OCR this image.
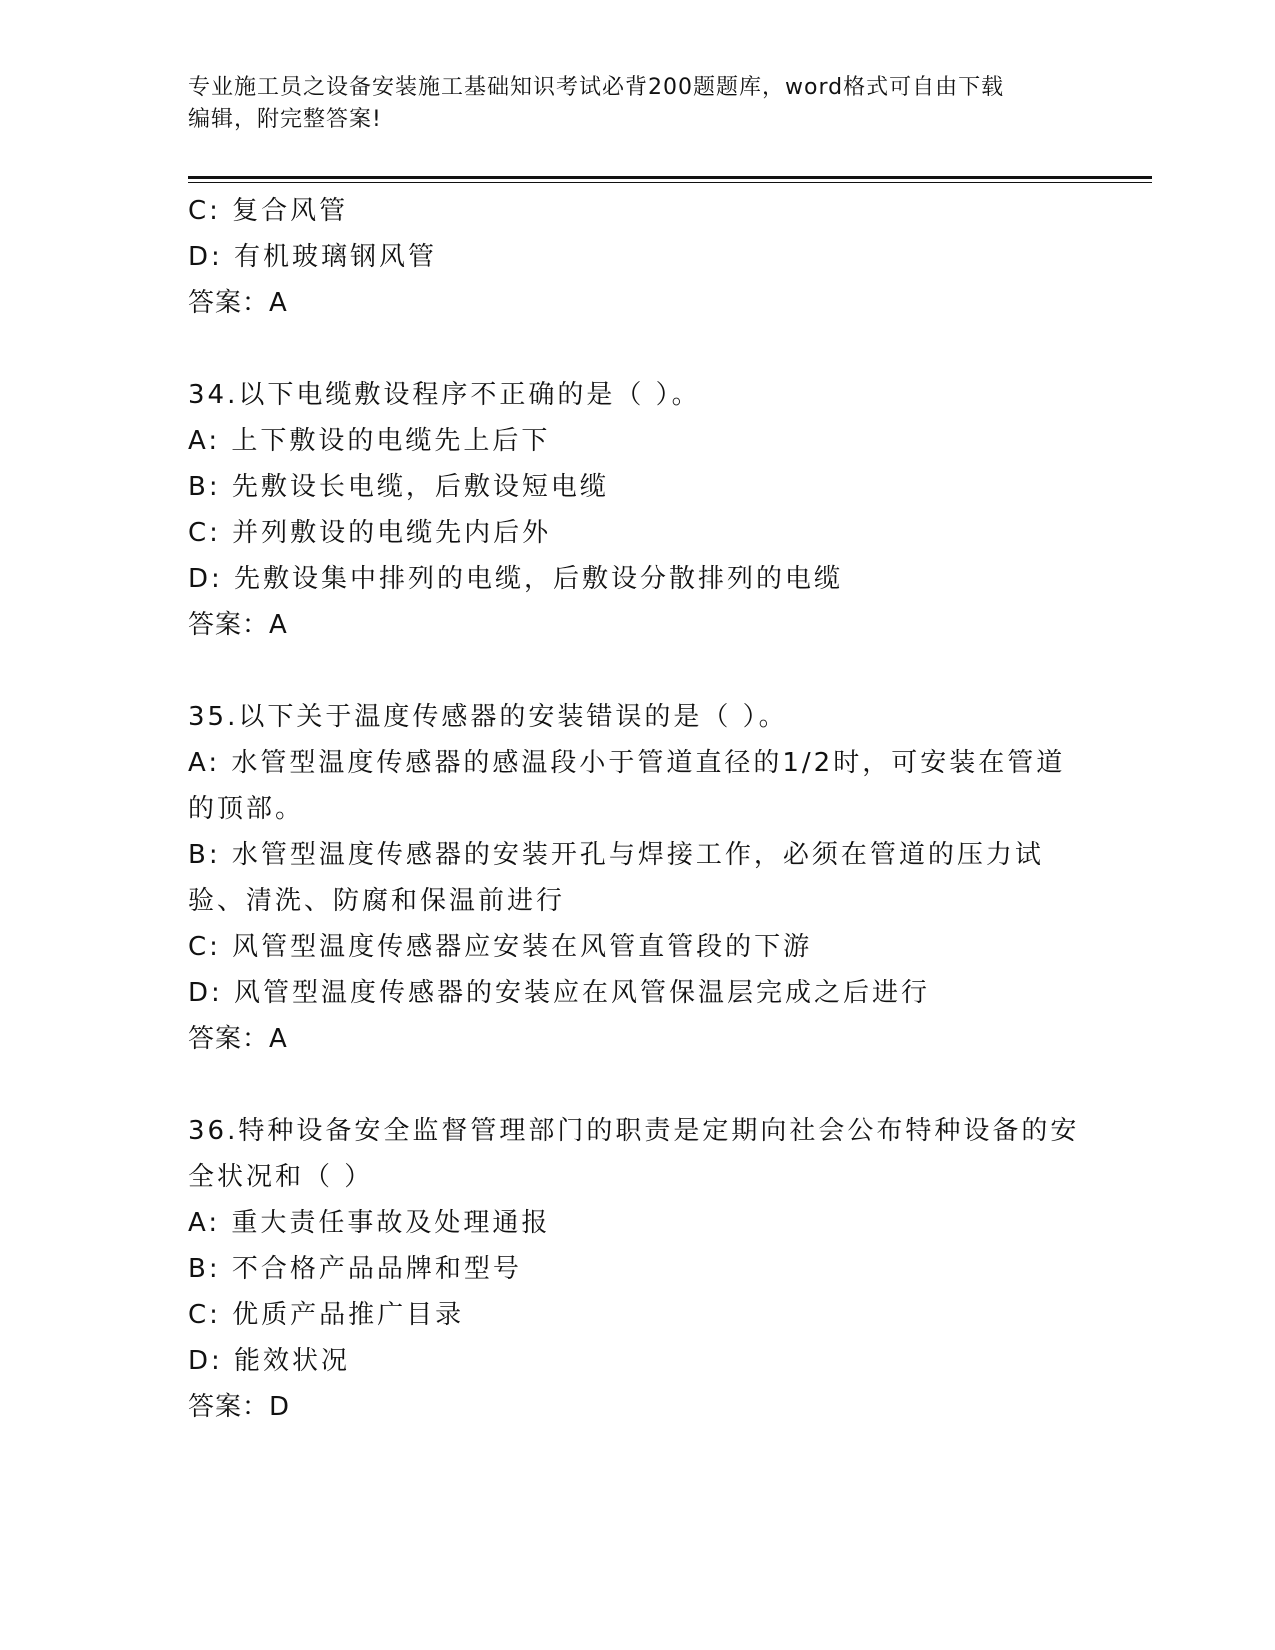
专业施工员之设备安装施工基础知识考试必背200题题库，word格式可自由下载
编辑，附完整答案!
C: 复合风管
D: 有机玻璃钢风管
答案：A
34.以下电缆敷设程序不正确的是（ ）。
A: 上下敷设的电缆先上后下
B: 先敷设长电缆，后敷设短电缆
C: 并列敷设的电缆先内后外
D: 先敷设集中排列的电缆，后敷设分散排列的电缆
答案：A
35.以下关于温度传感器的安装错误的是（ ）。
A: 水管型温度传感器的感温段小于管道直径的1/2时，可安装在管道的顶部。
B: 水管型温度传感器的安装开孔与焊接工作，必须在管道的压力试验、清洗、防腐和保温前进行
C: 风管型温度传感器应安装在风管直管段的下游
D: 风管型温度传感器的安装应在风管保温层完成之后进行
答案：A
36.特种设备安全监督管理部门的职责是定期向社会公布特种设备的安全状况和（ ）
A: 重大责任事故及处理通报
B: 不合格产品品牌和型号
C: 优质产品推广目录
D: 能效状况
答案：D
